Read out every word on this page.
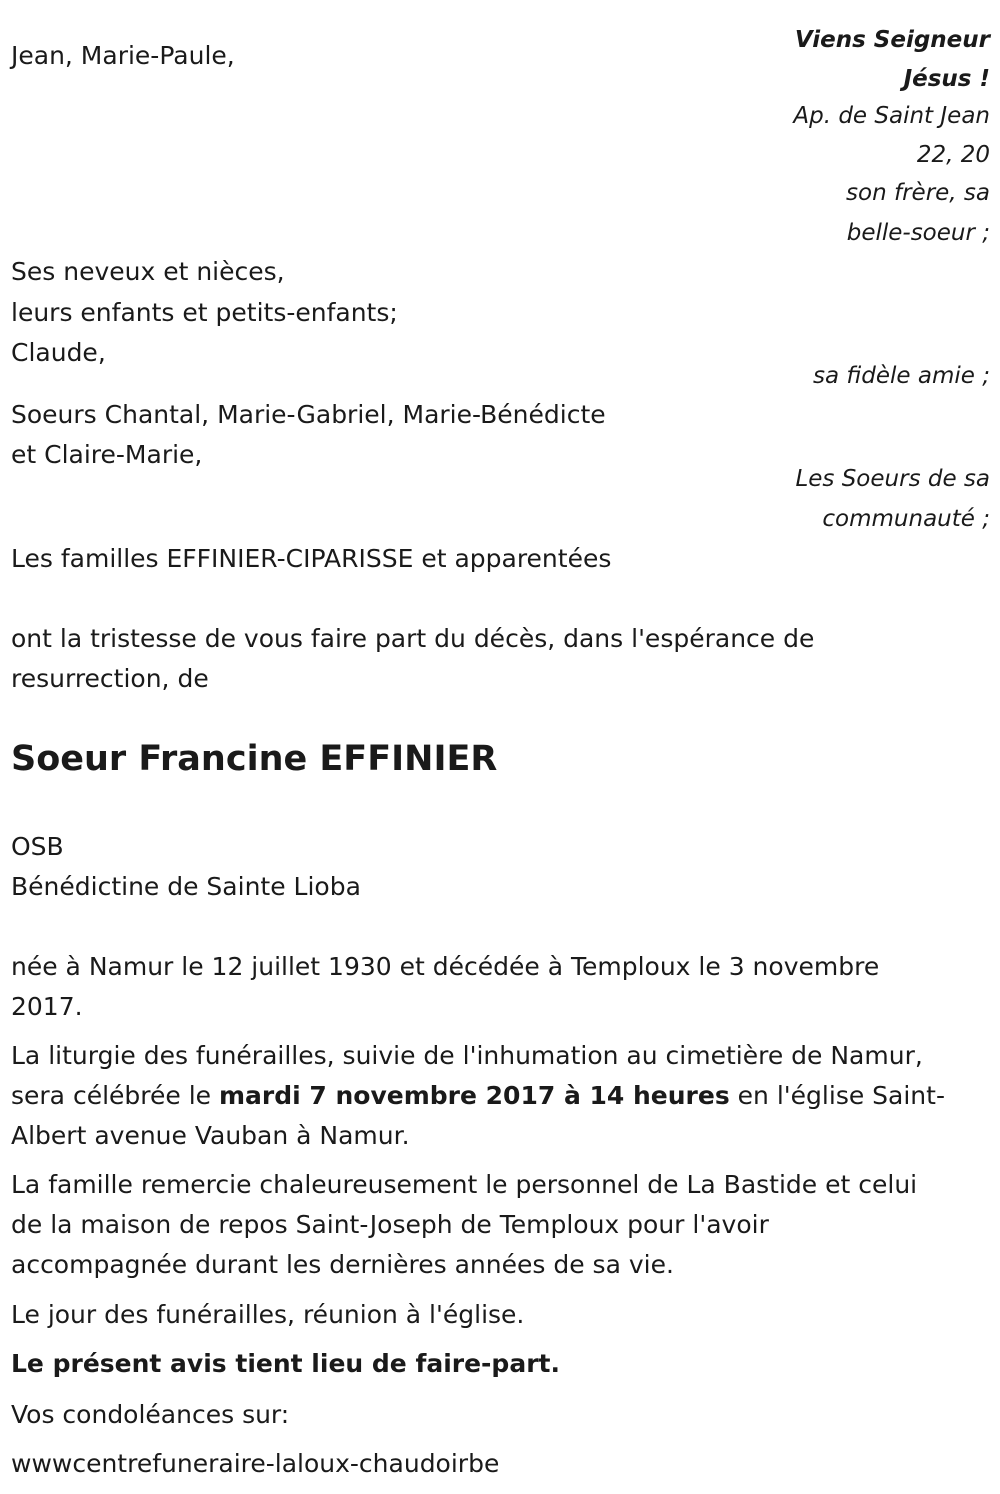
Viens Seigneur
Jésus !
Ap. de Saint Jean
22, 20
son frère, sa
belle-soeur ;
Jean, Marie-Paule,
Ses neveux et nièces,
leurs enfants et petits-enfants;
Claude,
sa fidèle amie ;
Soeurs Chantal, Marie-Gabriel, Marie-Bénédicte
et Claire-Marie,
Les Soeurs de sa
communauté ;
Les familles EFFINIER-CIPARISSE et apparentées
ont la tristesse de vous faire part du décès, dans l'espérance de
resurrection, de
Soeur Francine EFFINIER
OSB
Bénédictine de Sainte Lioba
née à Namur le 12 juillet 1930 et décédée à Temploux le 3 novembre
2017.
La liturgie des funérailles, suivie de l'inhumation au cimetière de Namur,
sera célébrée le mardi 7 novembre 2017 à 14 heures en l'église Saint-
Albert avenue Vauban à Namur.
La famille remercie chaleureusement le personnel de La Bastide et celui
de la maison de repos Saint-Joseph de Temploux pour l'avoir
accompagnée durant les dernières années de sa vie.
Le jour des funérailles, réunion à l'église.
Le présent avis tient lieu de faire-part.
Vos condoléances sur:
wwwcentrefuneraire-laloux-chaudoirbe
